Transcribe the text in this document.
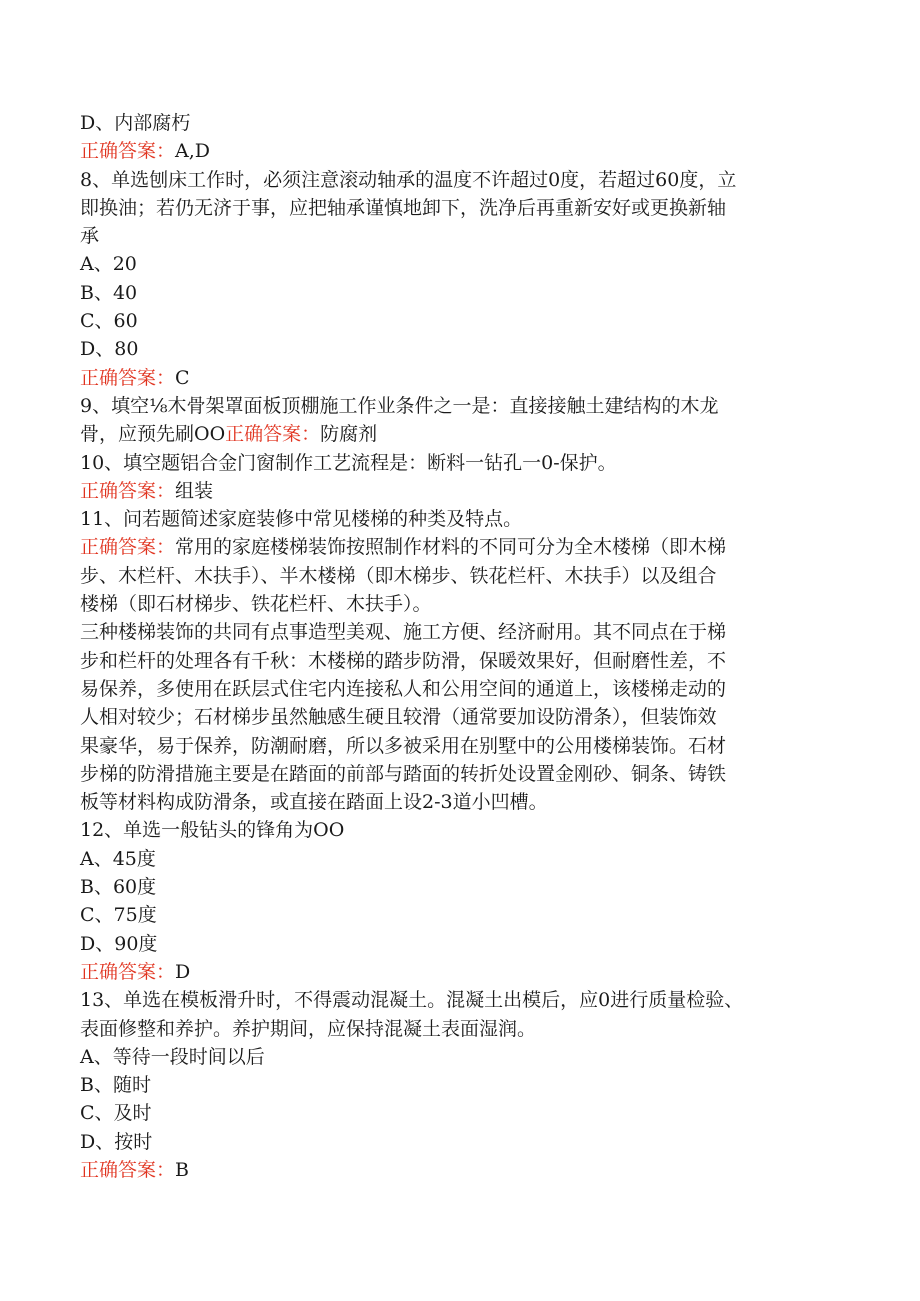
D、内部腐朽
正确答案：A,D
8、单选刨床工作时，必须注意滚动轴承的温度不许超过0度，若超过60度，立
即换油；若仍无济于事，应把轴承谨慎地卸下，洗净后再重新安好或更换新轴
承
A、20
B、40
C、60
D、80
正确答案：C
9、填空⅛木骨架罩面板顶棚施工作业条件之一是：直接接触土建结构的木龙
骨，应预先刷OO正确答案：防腐剂
10、填空题铝合金门窗制作工艺流程是：断料一钻孔一0-保护。
正确答案：组装
11、问若题简述家庭装修中常见楼梯的种类及特点。
正确答案：常用的家庭楼梯装饰按照制作材料的不同可分为全木楼梯（即木梯
步、木栏杆、木扶手）、半木楼梯（即木梯步、铁花栏杆、木扶手）以及组合
楼梯（即石材梯步、铁花栏杆、木扶手）。
三种楼梯装饰的共同有点事造型美观、施工方便、经济耐用。其不同点在于梯
步和栏杆的处理各有千秋：木楼梯的踏步防滑，保暖效果好，但耐磨性差，不
易保养，多使用在跃层式住宅内连接私人和公用空间的通道上，该楼梯走动的
人相对较少；石材梯步虽然触感生硬且较滑（通常要加设防滑条），但装饰效
果豪华，易于保养，防潮耐磨，所以多被采用在别墅中的公用楼梯装饰。石材
步梯的防滑措施主要是在踏面的前部与踏面的转折处设置金刚砂、铜条、铸铁
板等材料构成防滑条，或直接在踏面上设2-3道小凹槽。
12、单选一般钻头的锋角为OO
A、45度
B、60度
C、75度
D、90度
正确答案：D
13、单选在模板滑升时，不得震动混凝土。混凝土出模后，应0进行质量检验、
表面修整和养护。养护期间，应保持混凝土表面湿润。
A、等待一段时间以后
B、随时
C、及时
D、按时
正确答案：B
